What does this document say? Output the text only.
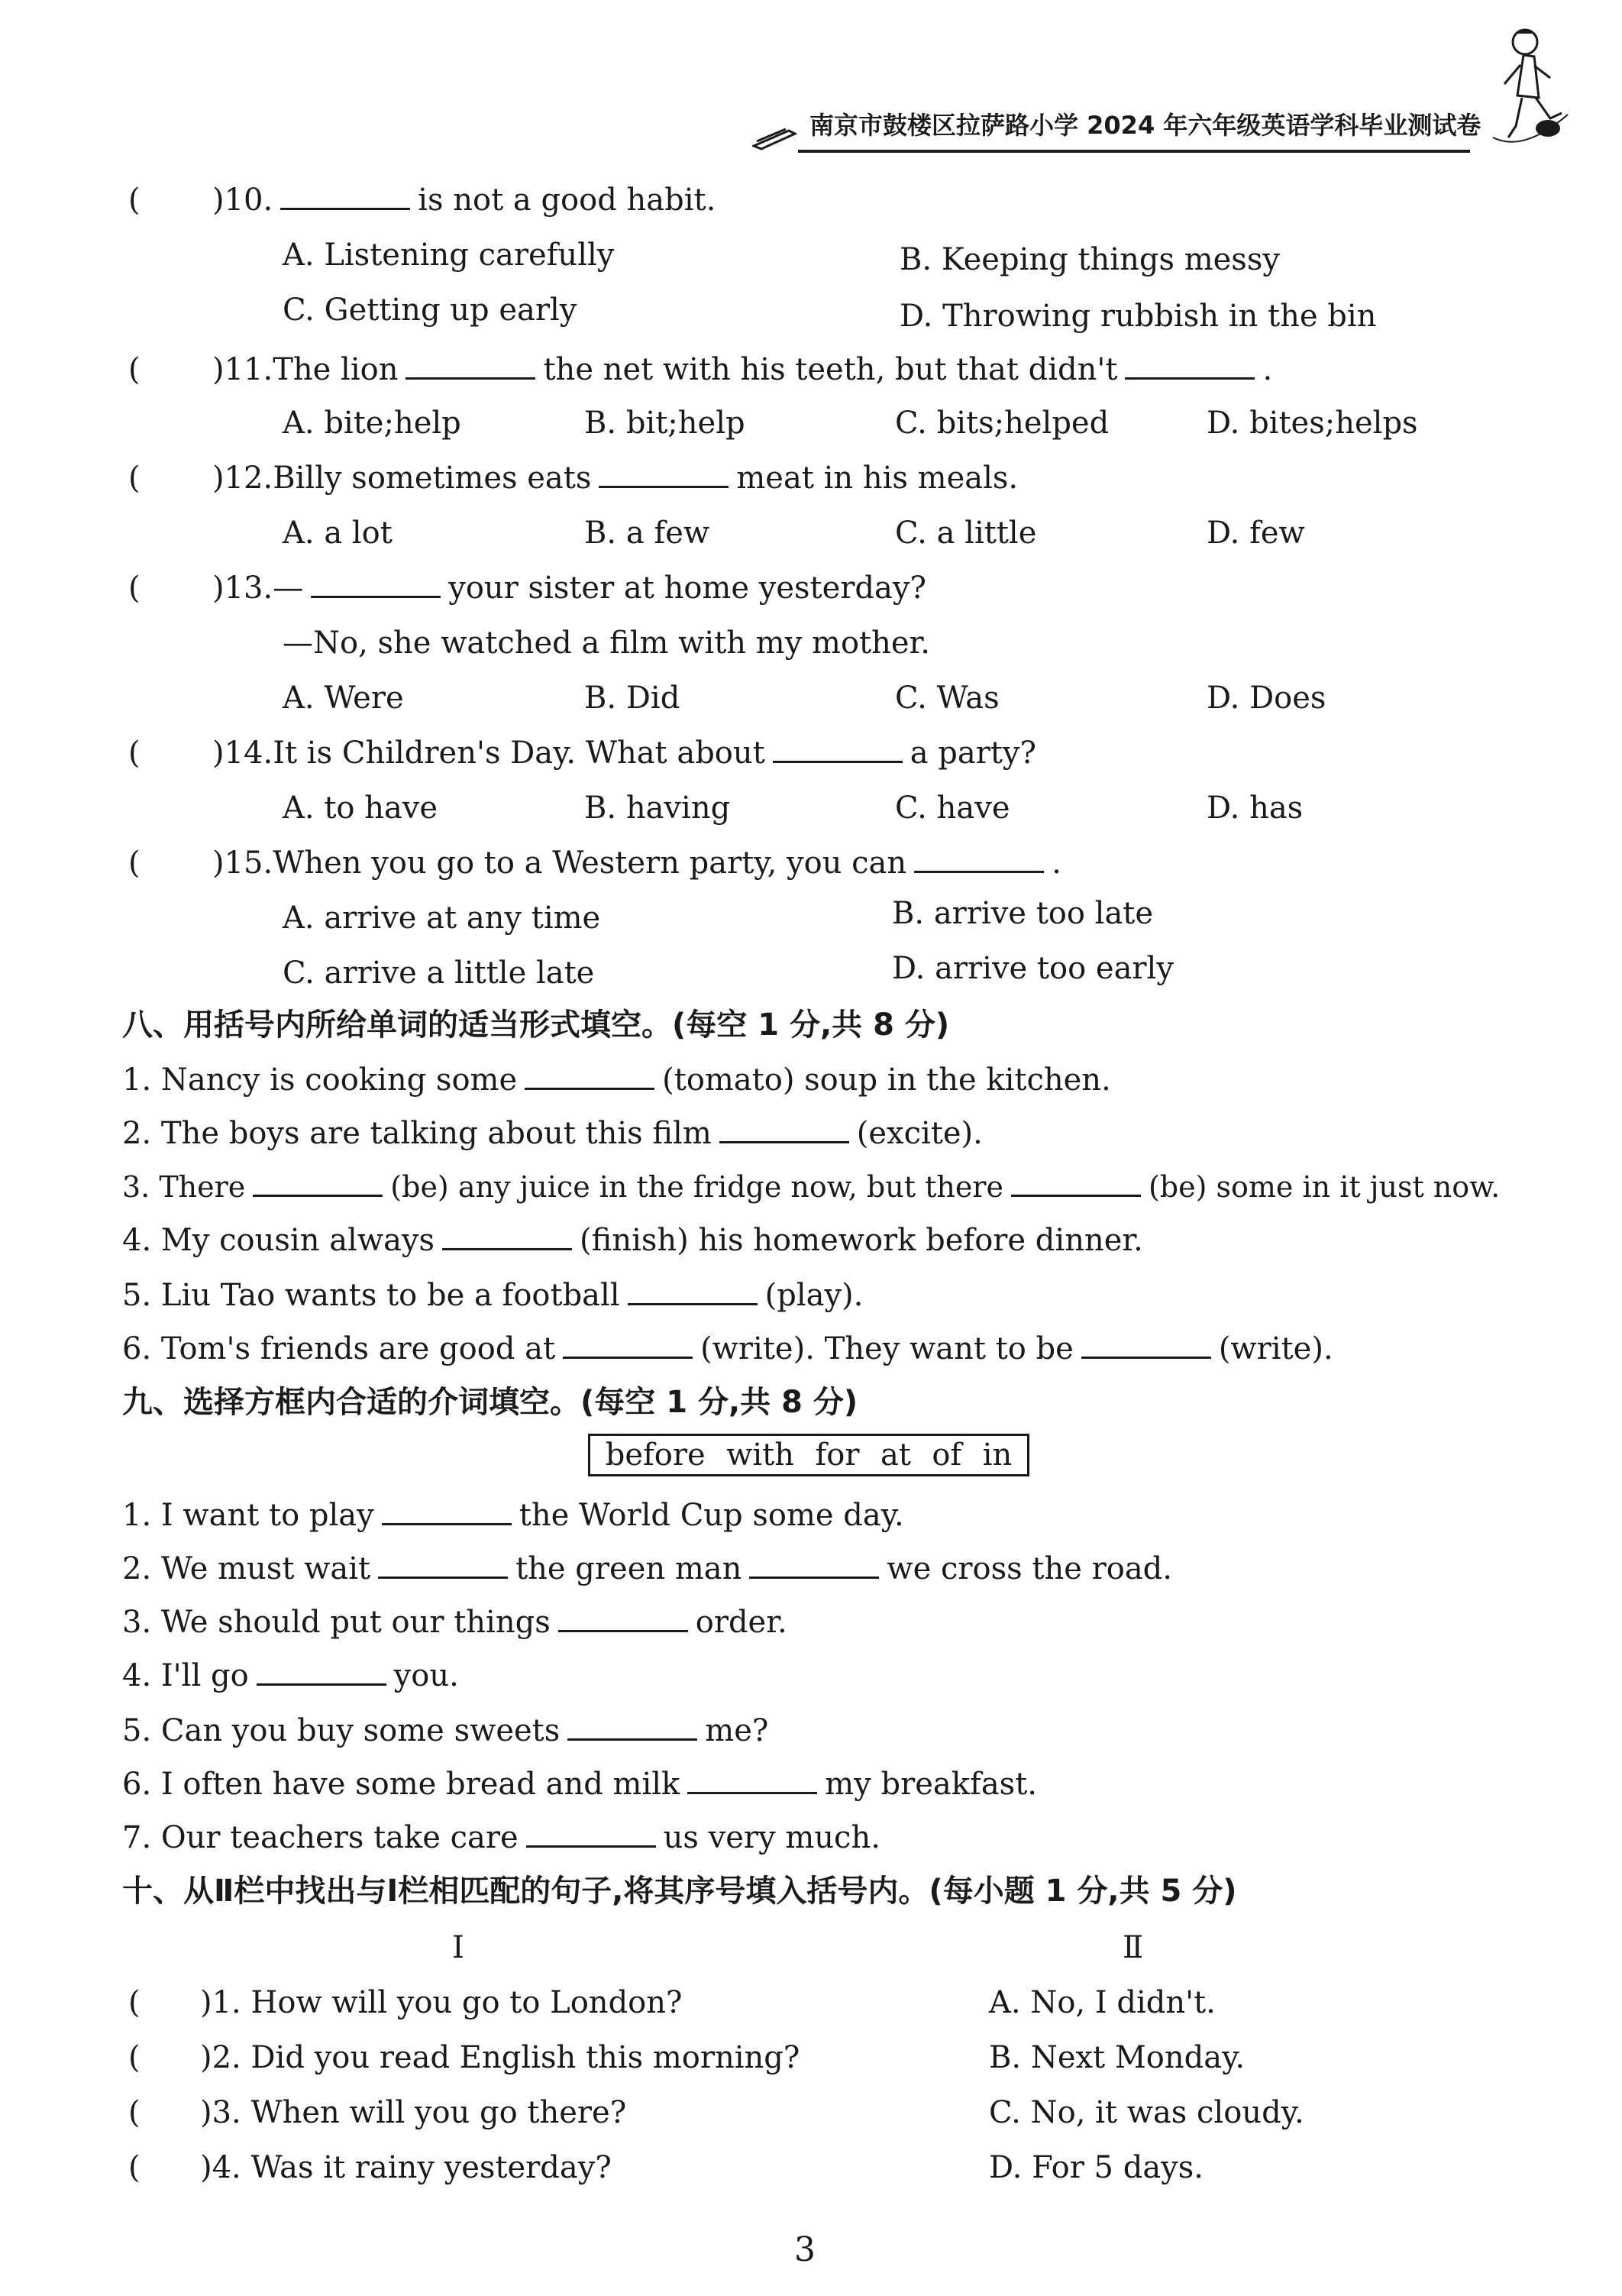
南京市鼓楼区拉萨路小学 2024 年六年级英语学科毕业测试卷
( )10.	is not a good habit.
A. Listening carefully	B. Keeping things messy
C. Getting up early	D. Throwing rubbish in the bin
( )11.The lion	the net with his teeth, but that didn't	.
A. bite;help	B. bit;help	C. bits;helped	D. bites;helps
( )12.Billy sometimes eats	meat in his meals.
A. a lot	B. a few	C. a little	D. few
( )13.—	your sister at home yesterday?
—No, she watched a film with my mother.
A. Were	B. Did	C. Was	D. Does
( )14.It is Children's Day. What about	a party?
A. to have	B. having	C. have	D. has
( )15.When you go to a Western party, you can	.
A. arrive at any time	B. arrive too late
C. arrive a little late	D. arrive too early
八、用括号内所给单词的适当形式填空。(每空 1 分,共 8 分)
1. Nancy is cooking some	(tomato) soup in the kitchen.
2. The boys are talking about this film	(excite).
3. There	(be) any juice in the fridge now, but there	(be) some in it just now.
4. My cousin always	(finish) his homework before dinner.
5. Liu Tao wants to be a football	(play).
6. Tom's friends are good at	(write). They want to be	(write).
九、选择方框内合适的介词填空。(每空 1 分,共 8 分)
before with for at of in
1. I want to play	the World Cup some day.
2. We must wait	the green man	we cross the road.
3. We should put our things	order.
4. I'll go	you.
5. Can you buy some sweets	me?
6. I often have some bread and milk	my breakfast.
7. Our teachers take care	us very much.
十、从Ⅱ栏中找出与Ⅰ栏相匹配的句子,将其序号填入括号内。(每小题 1 分,共 5 分)
I	Ⅱ
( )1. How will you go to London?	A. No, I didn't.
( )2. Did you read English this morning?	B. Next Monday.
( )3. When will you go there?	C. No, it was cloudy.
( )4. Was it rainy yesterday?	D. For 5 days.
3
